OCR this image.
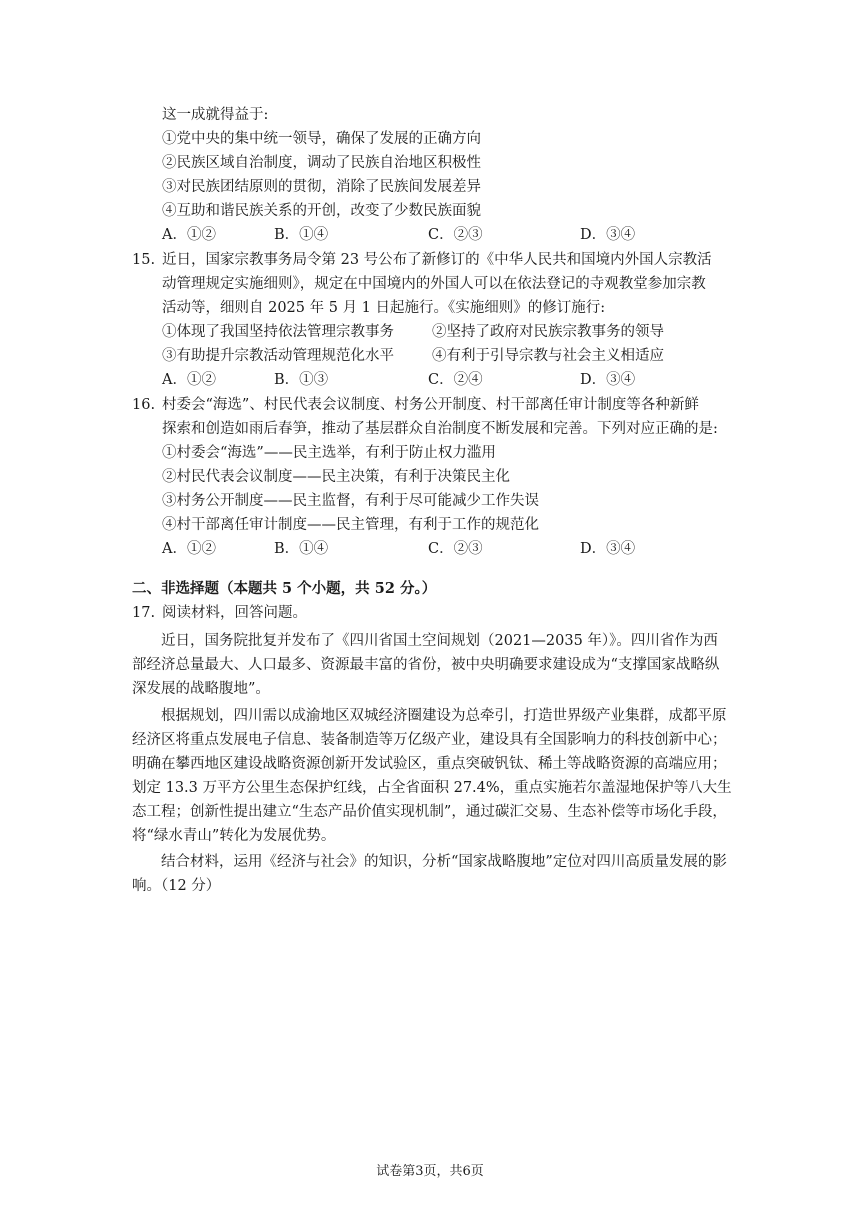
这一成就得益于:
①党中央的集中统一领导，确保了发展的正确方向
②民族区域自治制度，调动了民族自治地区积极性
③对民族团结原则的贯彻，消除了民族间发展差异
④互助和谐民族关系的开创，改变了少数民族面貌
A．①②	B．①④	C．②③	D．③④
15. 近日，国家宗教事务局令第 23 号公布了新修订的《中华人民共和国境内外国人宗教活
动管理规定实施细则》，规定在中国境内的外国人可以在依法登记的寺观教堂参加宗教
活动等，细则自 2025 年 5 月 1 日起施行。《实施细则》的修订施行:
①体现了我国坚持依法管理宗教事务	②坚持了政府对民族宗教事务的领导
③有助提升宗教活动管理规范化水平	④有利于引导宗教与社会主义相适应
A．①②	B．①③	C．②④	D．③④
16. 村委会“海选”、村民代表会议制度、村务公开制度、村干部离任审计制度等各种新鲜
探索和创造如雨后春笋，推动了基层群众自治制度不断发展和完善。下列对应正确的是:
①村委会“海选”——民主选举，有利于防止权力滥用
②村民代表会议制度——民主决策，有利于决策民主化
③村务公开制度——民主监督，有利于尽可能减少工作失误
④村干部离任审计制度——民主管理，有利于工作的规范化
A．①②	B．①④	C．②③	D．③④
二、非选择题（本题共 5 个小题，共 52 分。）
17. 阅读材料，回答问题。
近日，国务院批复并发布了《四川省国土空间规划（2021—2035 年）》。四川省作为西部经济总量最大、人口最多、资源最丰富的省份，被中央明确要求建设成为“支撑国家战略纵深发展的战略腹地”。
根据规划，四川需以成渝地区双城经济圈建设为总牵引，打造世界级产业集群，成都平原经济区将重点发展电子信息、装备制造等万亿级产业，建设具有全国影响力的科技创新中心；明确在攀西地区建设战略资源创新开发试验区，重点突破钒钛、稀土等战略资源的高端应用；划定 13.3 万平方公里生态保护红线，占全省面积 27.4%，重点实施若尔盖湿地保护等八大生态工程；创新性提出建立“生态产品价值实现机制”，通过碳汇交易、生态补偿等市场化手段，将“绿水青山”转化为发展优势。
结合材料，运用《经济与社会》的知识，分析“国家战略腹地”定位对四川高质量发展的影响。（12 分）
试卷第3页，共6页
